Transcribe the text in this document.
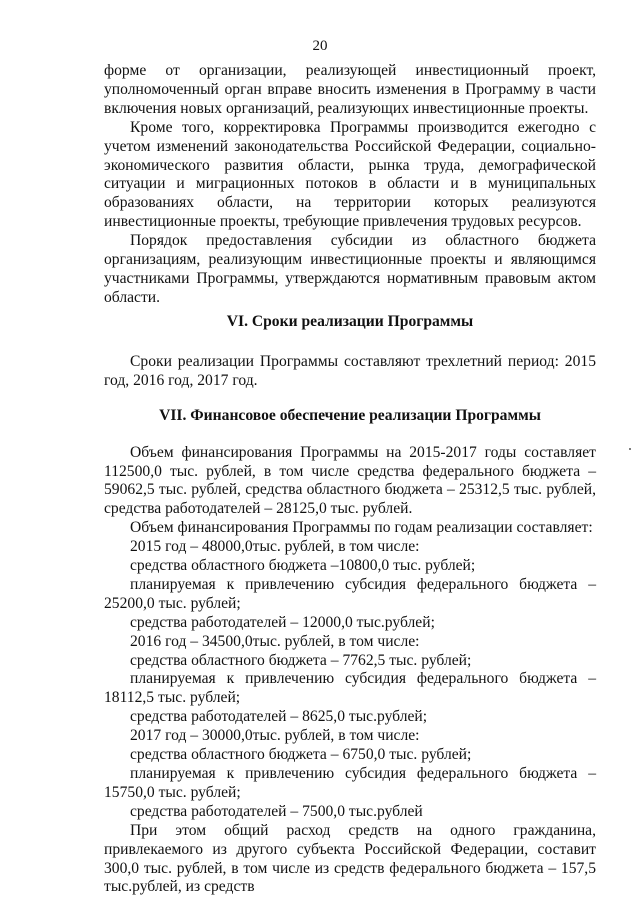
20

форме от организации, реализующей инвестиционный проект, уполномоченный орган вправе вносить изменения в Программу в части включения новых организаций, реализующих инвестиционные проекты.

Кроме того, корректировка Программы производится ежегодно с учетом изменений законодательства Российской Федерации, социально-экономического развития области, рынка труда, демографической ситуации и миграционных потоков в области и в муниципальных образованиях области, на территории которых реализуются инвестиционные проекты, требующие привлечения трудовых ресурсов.

Порядок предоставления субсидии из областного бюджета организациям, реализующим инвестиционные проекты и являющимся участниками Программы, утверждаются нормативным правовым актом области.

VI. Сроки реализации Программы

Сроки реализации Программы составляют трехлетний период: 2015 год, 2016 год, 2017 год.

VII. Финансовое обеспечение реализации Программы

Объем финансирования Программы на 2015-2017 годы составляет 112500,0 тыс. рублей, в том числе средства федерального бюджета – 59062,5 тыс. рублей, средства областного бюджета – 25312,5 тыс. рублей, средства работодателей – 28125,0 тыс. рублей.

Объем финансирования Программы по годам реализации составляет:

2015 год – 48000,0тыс. рублей, в том числе:

средства областного бюджета –10800,0 тыс. рублей;

планируемая к привлечению субсидия федерального бюджета – 25200,0 тыс. рублей;

средства работодателей – 12000,0 тыс.рублей;

2016 год – 34500,0тыс. рублей, в том числе:

средства областного бюджета – 7762,5 тыс. рублей;

планируемая к привлечению субсидия федерального бюджета – 18112,5 тыс. рублей;

средства работодателей – 8625,0 тыс.рублей;

2017 год – 30000,0тыс. рублей, в том числе:

средства областного бюджета – 6750,0 тыс. рублей;

планируемая к привлечению субсидия федерального бюджета – 15750,0 тыс. рублей;

средства работодателей – 7500,0 тыс.рублей

При этом общий расход средств на одного гражданина, привлекаемого из другого субъекта Российской Федерации, составит 300,0 тыс. рублей, в том числе из средств федерального бюджета – 157,5 тыс.рублей, из средств
